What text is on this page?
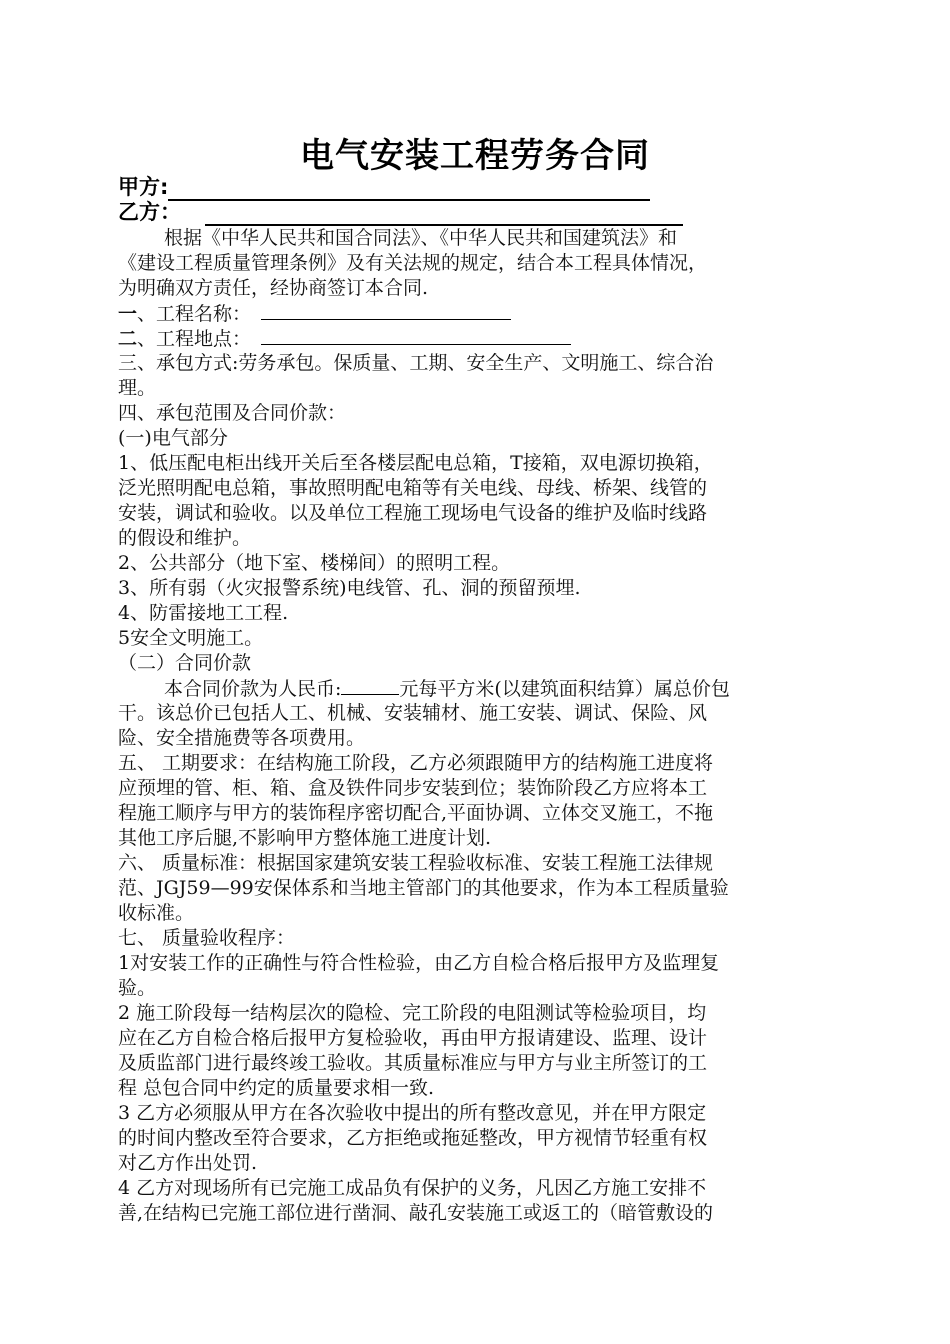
电气安装工程劳务合同
甲方:
乙方：
根据《中华人民共和国合同法》、《中华人民共和国建筑法》和
《建设工程质量管理条例》及有关法规的规定，结合本工程具体情况，
为明确双方责任，经协商签订本合同.
一、工程名称：
二、工程地点：
三、承包方式:劳务承包。保质量、工期、安全生产、文明施工、综合治
理。
四、承包范围及合同价款：
(一)电气部分
1、低压配电柜出线开关后至各楼层配电总箱，T接箱，双电源切换箱，
泛光照明配电总箱，事故照明配电箱等有关电线、母线、桥架、线管的
安装，调试和验收。以及单位工程施工现场电气设备的维护及临时线路
的假设和维护。
2、公共部分（地下室、楼梯间）的照明工程。
3、所有弱（火灾报警系统)电线管、孔、洞的预留预埋.
4、防雷接地工工程.
5安全文明施工。
（二）合同价款
本合同价款为人民币:	元每平方米(以建筑面积结算）属总价包
干。该总价已包括人工、机械、安装辅材、施工安装、调试、保险、风
险、安全措施费等各项费用。
五、 工期要求：在结构施工阶段，乙方必须跟随甲方的结构施工进度将
应预埋的管、柜、箱、盒及铁件同步安装到位；装饰阶段乙方应将本工
程施工顺序与甲方的装饰程序密切配合,平面协调、立体交叉施工，不拖
其他工序后腿,不影响甲方整体施工进度计划.
六、 质量标准：根据国家建筑安装工程验收标准、安装工程施工法律规
范、JGJ59—99安保体系和当地主管部门的其他要求，作为本工程质量验
收标准。
七、 质量验收程序：
1对安装工作的正确性与符合性检验，由乙方自检合格后报甲方及监理复
验。
2 施工阶段每一结构层次的隐检、完工阶段的电阻测试等检验项目，均
应在乙方自检合格后报甲方复检验收，再由甲方报请建设、监理、设计
及质监部门进行最终竣工验收。其质量标准应与甲方与业主所签订的工
程 总包合同中约定的质量要求相一致.
3 乙方必须服从甲方在各次验收中提出的所有整改意见，并在甲方限定
的时间内整改至符合要求，乙方拒绝或拖延整改，甲方视情节轻重有权
对乙方作出处罚.
4 乙方对现场所有已完施工成品负有保护的义务，凡因乙方施工安排不
善,在结构已完施工部位进行凿洞、敲孔安装施工或返工的（暗管敷设的
